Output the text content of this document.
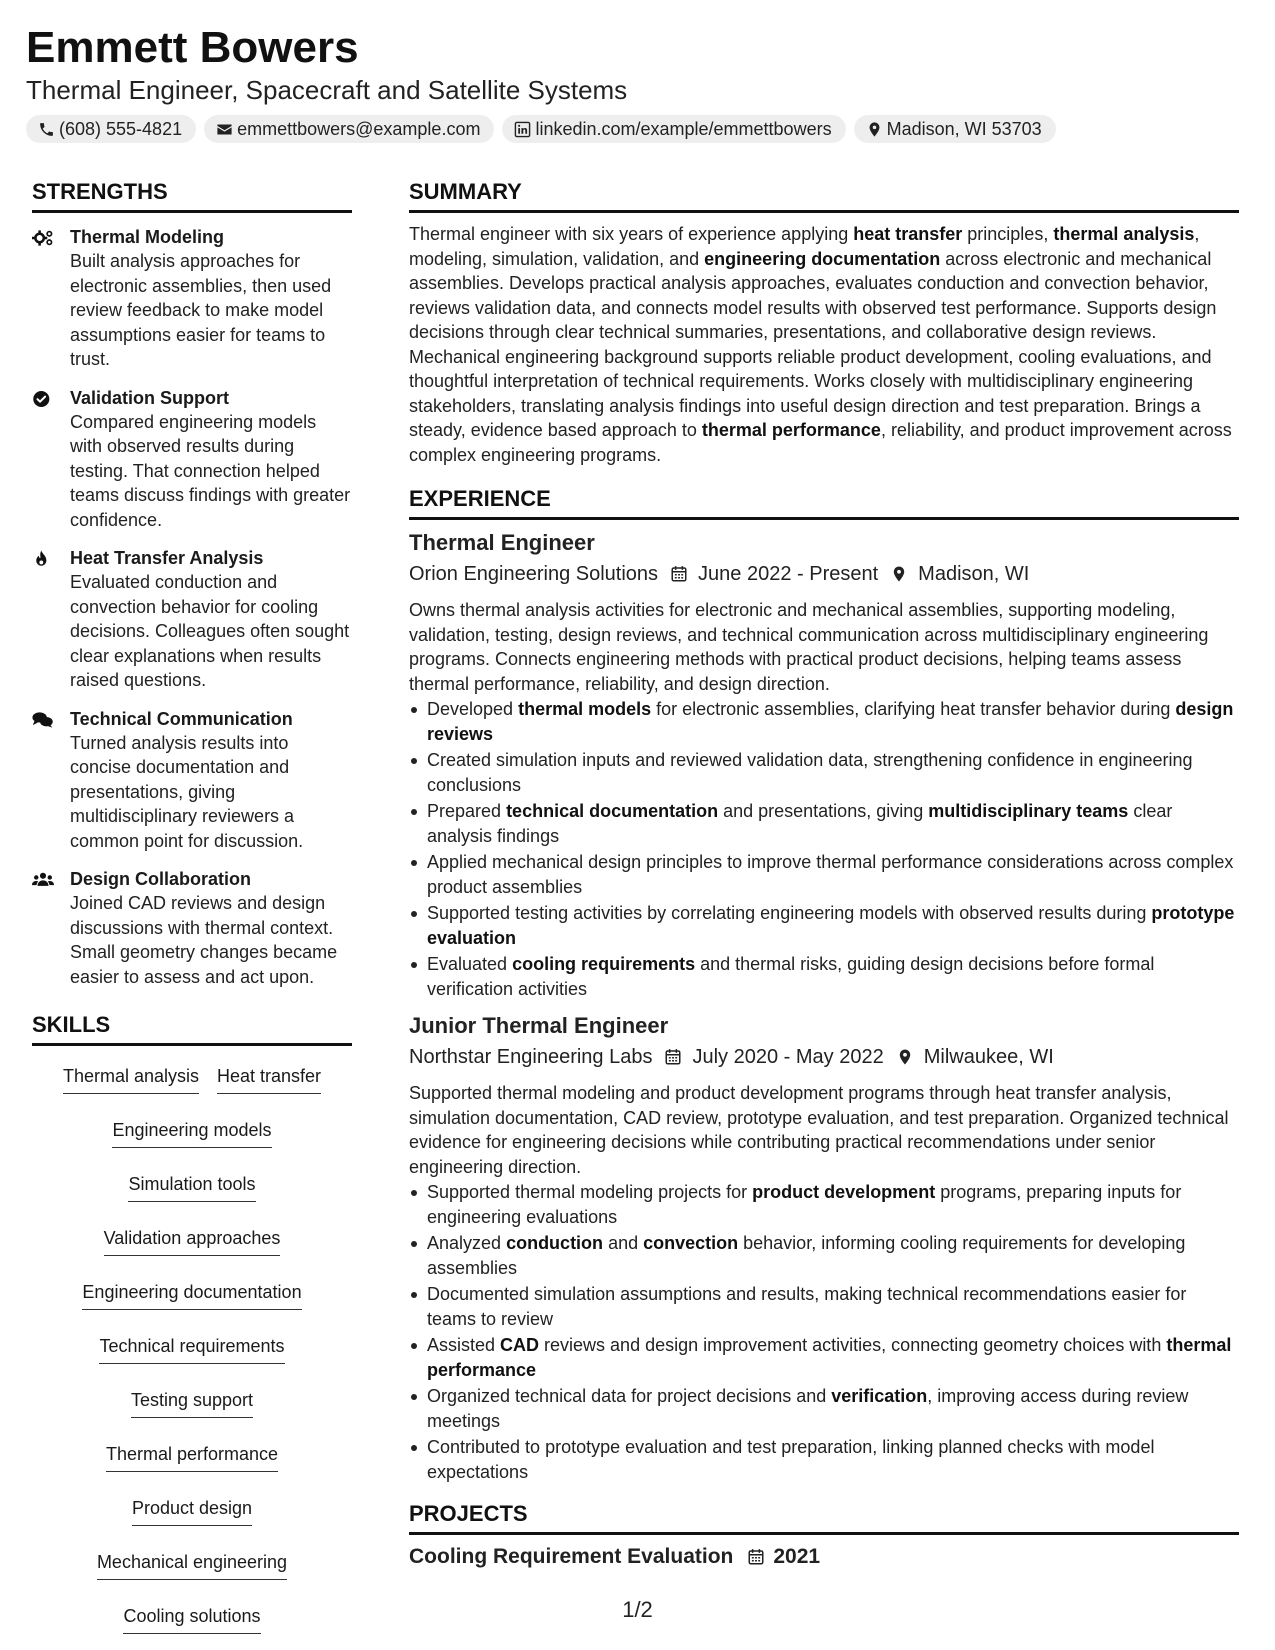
Emmett Bowers
Thermal Engineer, Spacecraft and Satellite Systems
(608) 555-4821	emmettbowers@example.com	linkedin.com/example/emmettbowers	Madison, WI 53703
STRENGTHS
Thermal Modeling
Built analysis approaches for electronic assemblies, then used review feedback to make model assumptions easier for teams to trust.
Validation Support
Compared engineering models with observed results during testing. That connection helped teams discuss findings with greater confidence.
Heat Transfer Analysis
Evaluated conduction and convection behavior for cooling decisions. Colleagues often sought clear explanations when results raised questions.
Technical Communication
Turned analysis results into concise documentation and presentations, giving multidisciplinary reviewers a common point for discussion.
Design Collaboration
Joined CAD reviews and design discussions with thermal context. Small geometry changes became easier to assess and act upon.
SKILLS
Thermal analysis Heat transfer
Engineering models
Simulation tools
Validation approaches
Engineering documentation
Technical requirements
Testing support
Thermal performance
Product design
Mechanical engineering
Cooling solutions
SUMMARY
Thermal engineer with six years of experience applying heat transfer principles, thermal analysis, modeling, simulation, validation, and engineering documentation across electronic and mechanical assemblies. Develops practical analysis approaches, evaluates conduction and convection behavior, reviews validation data, and connects model results with observed test performance. Supports design decisions through clear technical summaries, presentations, and collaborative design reviews. Mechanical engineering background supports reliable product development, cooling evaluations, and thoughtful interpretation of technical requirements. Works closely with multidisciplinary engineering stakeholders, translating analysis findings into useful design direction and test preparation. Brings a steady, evidence based approach to thermal performance, reliability, and product improvement across complex engineering programs.
EXPERIENCE
Thermal Engineer
Orion Engineering Solutions June 2022 - Present Madison, WI
Owns thermal analysis activities for electronic and mechanical assemblies, supporting modeling, validation, testing, design reviews, and technical communication across multidisciplinary engineering programs. Connects engineering methods with practical product decisions, helping teams assess thermal performance, reliability, and design direction.
Developed thermal models for electronic assemblies, clarifying heat transfer behavior during design reviews
Created simulation inputs and reviewed validation data, strengthening confidence in engineering conclusions
Prepared technical documentation and presentations, giving multidisciplinary teams clear analysis findings
Applied mechanical design principles to improve thermal performance considerations across complex product assemblies
Supported testing activities by correlating engineering models with observed results during prototype evaluation
Evaluated cooling requirements and thermal risks, guiding design decisions before formal verification activities
Junior Thermal Engineer
Northstar Engineering Labs July 2020 - May 2022 Milwaukee, WI
Supported thermal modeling and product development programs through heat transfer analysis, simulation documentation, CAD review, prototype evaluation, and test preparation. Organized technical evidence for engineering decisions while contributing practical recommendations under senior engineering direction.
Supported thermal modeling projects for product development programs, preparing inputs for engineering evaluations
Analyzed conduction and convection behavior, informing cooling requirements for developing assemblies
Documented simulation assumptions and results, making technical recommendations easier for teams to review
Assisted CAD reviews and design improvement activities, connecting geometry choices with thermal performance
Organized technical data for project decisions and verification, improving access during review meetings
Contributed to prototype evaluation and test preparation, linking planned checks with model expectations
PROJECTS
Cooling Requirement Evaluation 2021
1/2
